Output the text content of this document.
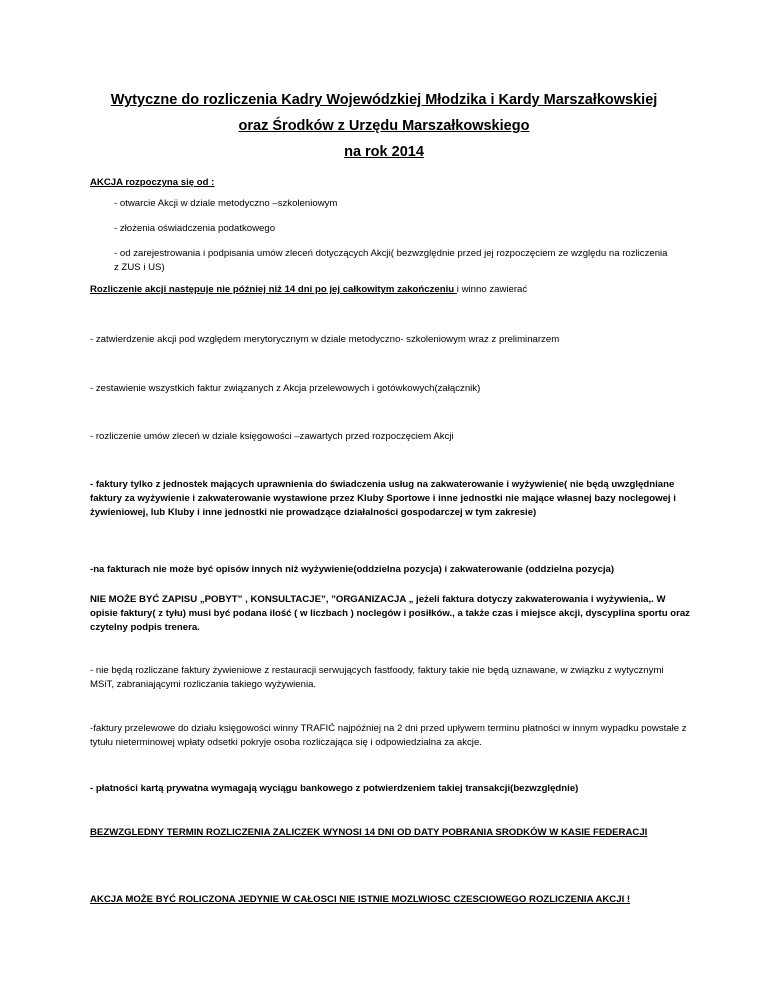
Wytyczne do rozliczenia Kadry Wojewódzkiej Młodzika i Kardy Marszałkowskiej

oraz Środków z Urzędu Marszałkowskiego

na rok 2014

AKCJA rozpoczyna się od :

- otwarcie Akcji w dziale metodyczno –szkoleniowym

- złożenia oświadczenia podatkowego

- od zarejestrowania i podpisania umów zleceń dotyczących Akcji( bezwzględnie przed jej rozpoczęciem ze względu na rozliczenia z ZUS i US)

Rozliczenie akcji następuje nie później niż 14 dni po jej całkowitym zakończeniu i winno zawierać

- zatwierdzenie akcji pod względem merytorycznym w dziale metodyczno- szkoleniowym wraz z preliminarzem

- zestawienie wszystkich faktur związanych z Akcja przelewowych i gotówkowych(załącznik)

- rozliczenie umów zleceń w dziale księgowości –zawartych przed rozpoczęciem Akcji

- faktury tylko z jednostek mających uprawnienia do świadczenia usług na zakwaterowanie i wyżywienie( nie będą uwzględniane faktury za wyżywienie i zakwaterowanie wystawione przez Kluby Sportowe i inne jednostki nie mające własnej bazy noclegowej i żywieniowej, lub Kluby i inne jednostki nie prowadzące działalności gospodarczej w tym zakresie)

-na fakturach nie może być opisów innych niż wyżywienie(oddzielna pozycja) i zakwaterowanie (oddzielna pozycja)

NIE MOŻE BYĆ ZAPISU „POBYT” , KONSULTACJE”, ”ORGANIZACJA „ jeżeli faktura dotyczy zakwaterowania i wyżywienia,. W opisie faktury( z tyłu) musi być podana ilość ( w liczbach ) noclegów i posiłków., a także czas i miejsce akcji, dyscyplina sportu oraz czytelny podpis trenera.

- nie będą rozliczane faktury żywieniowe z restauracji serwujących fastfoody, faktury takie nie będą uznawane, w związku z wytycznymi MSiT, zabraniającymi rozliczania takiego wyżywienia.

-faktury przelewowe do działu księgowości winny TRAFIĆ najpóźniej na 2 dni przed upływem terminu płatności w innym wypadku powstałe z tytułu nieterminowej wpłaty odsetki pokryje osoba rozliczająca się i odpowiedzialna za akcje.

- płatności kartą prywatna wymagają wyciągu bankowego z potwierdzeniem takiej transakcji(bezwzględnie)

BEZWZGLEDNY TERMIN ROZLICZENIA ZALICZEK WYNOSI 14 DNI OD DATY POBRANIA SRODKÓW W KASIE FEDERACJI

AKCJA MOŻE BYĆ ROLICZONA JEDYNIE W CAŁOSCI NIE ISTNIE MOZLWIOSC CZESCIOWEGO ROZLICZENIA AKCJI !
